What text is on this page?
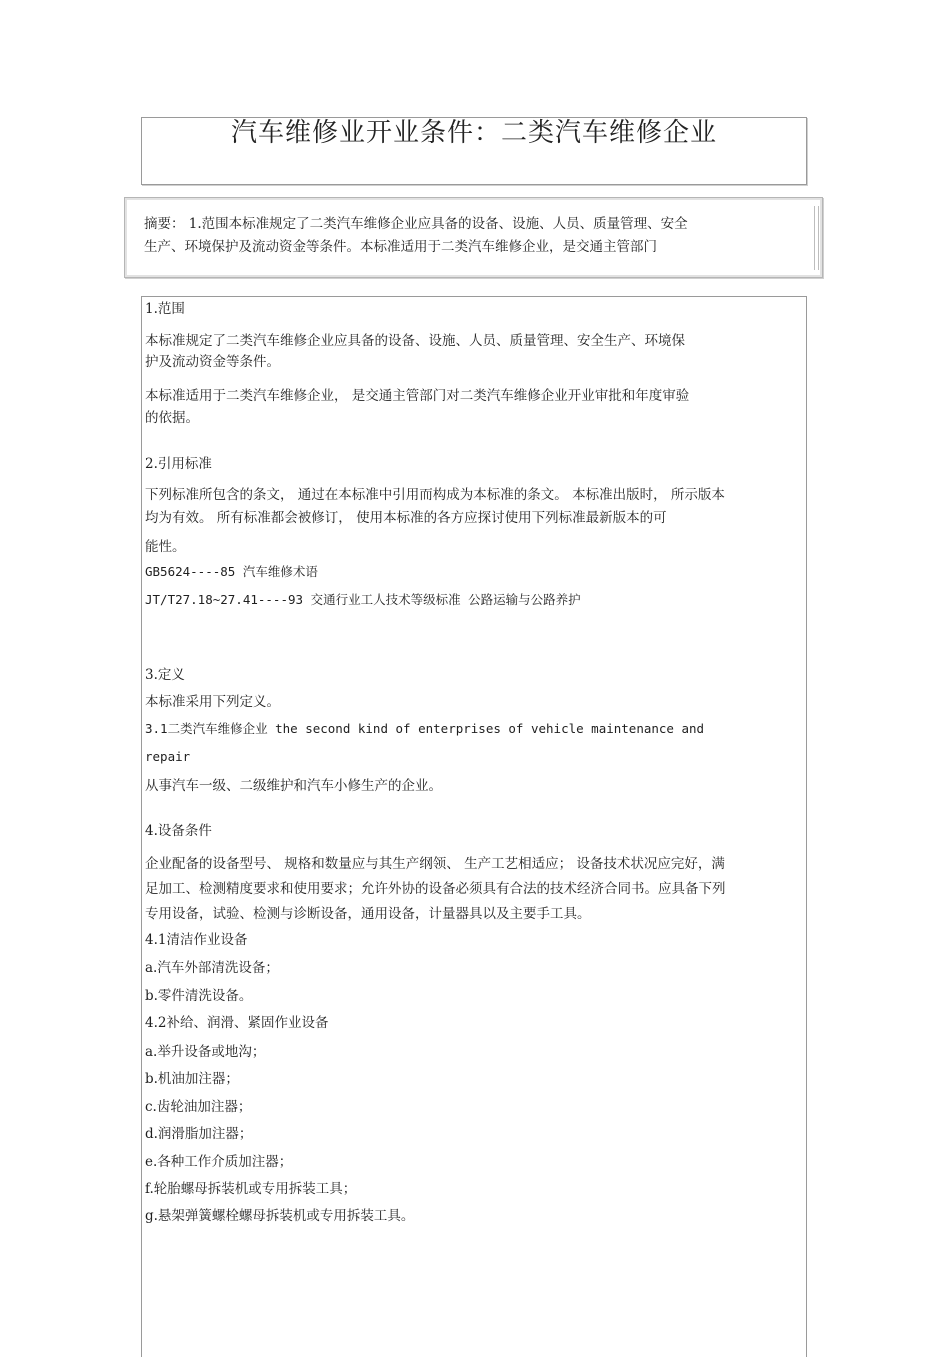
汽车维修业开业条件：二类汽车维修企业
摘要： 1.范围本标准规定了二类汽车维修企业应具备的设备、设施、人员、质量管理、安全
生产、环境保护及流动资金等条件。本标准适用于二类汽车维修企业，是交通主管部门

1.范围

本标准规定了二类汽车维修企业应具备的设备、设施、人员、质量管理、安全生产、环境保

护及流动资金等条件。

本标准适用于二类汽车维修企业， 是交通主管部门对二类汽车维修企业开业审批和年度审验

的依据。

2.引用标准

下列标准所包含的条文， 通过在本标准中引用而构成为本标准的条文。 本标准出版时， 所示版本

均为有效。 所有标准都会被修订， 使用本标准的各方应探讨使用下列标准最新版本的可

能性。

GB5624----85 汽车维修术语

JT/T27.18~27.41----93 交通行业工人技术等级标准 公路运输与公路养护

3.定义

本标准采用下列定义。

3.1二类汽车维修企业 the second kind of enterprises of vehicle maintenance and

repair

从事汽车一级、二级维护和汽车小修生产的企业。

4.设备条件

企业配备的设备型号、 规格和数量应与其生产纲领、 生产工艺相适应； 设备技术状况应完好，满

足加工、检测精度要求和使用要求；允许外协的设备必须具有合法的技术经济合同书。应具备下列

专用设备，试验、检测与诊断设备，通用设备，计量器具以及主要手工具。

4.1清洁作业设备

a.汽车外部清洗设备；

b.零件清洗设备。

4.2补给、润滑、紧固作业设备

a.举升设备或地沟；

b.机油加注器；

c.齿轮油加注器；

d.润滑脂加注器；

e.各种工作介质加注器；

f.轮胎螺母拆装机或专用拆装工具；

g.悬架弹簧螺栓螺母拆装机或专用拆装工具。
